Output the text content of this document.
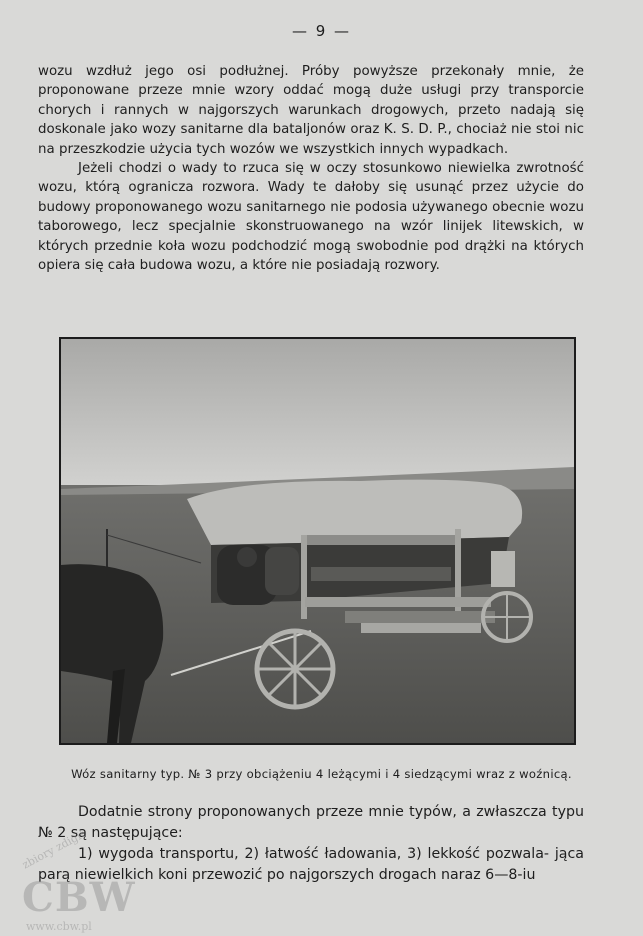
— 9 —

wozu wzdłuż jego osi podłużnej. Próby powyższe przekonały mnie, że proponowane przeze mnie wzory oddać mogą duże usługi przy transporcie chorych i rannych w najgorszych warunkach drogowych, przeto nadają się doskonale jako wozy sanitarne dla bataljonów oraz K. S. D. P., chociaż nie stoi nic na przeszkodzie użycia tych wozów we wszystkich innych wypadkach.

Jeżeli chodzi o wady to rzuca się w oczy stosunkowo niewielka zwrotność wozu, którą ogranicza rozwora. Wady te dałoby się usunąć przez użycie do budowy proponowanego wozu sanitarnego nie podosia używanego obecnie wozu taborowego, lecz specjalnie skonstruowanego na wzór linijek litewskich, w których przednie koła wozu podchodzić mogą swobodnie pod drążki na których opiera się cała budowa wozu, a które nie posiadają rozwory.

Wóz sanitarny typ. № 3 przy obciążeniu 4 leżącymi i 4 siedzącymi wraz z woźnicą.

Dodatnie strony proponowanych przeze mnie typów, a zwłaszcza typu № 2 są następujące:

1) wygoda transportu, 2) łatwość ładowania, 3) lekkość pozwala- jąca parą niewielkich koni przewozić po najgorszych drogach naraz 6—8-iu

zbiory zdigit
CBW
www.cbw.pl
